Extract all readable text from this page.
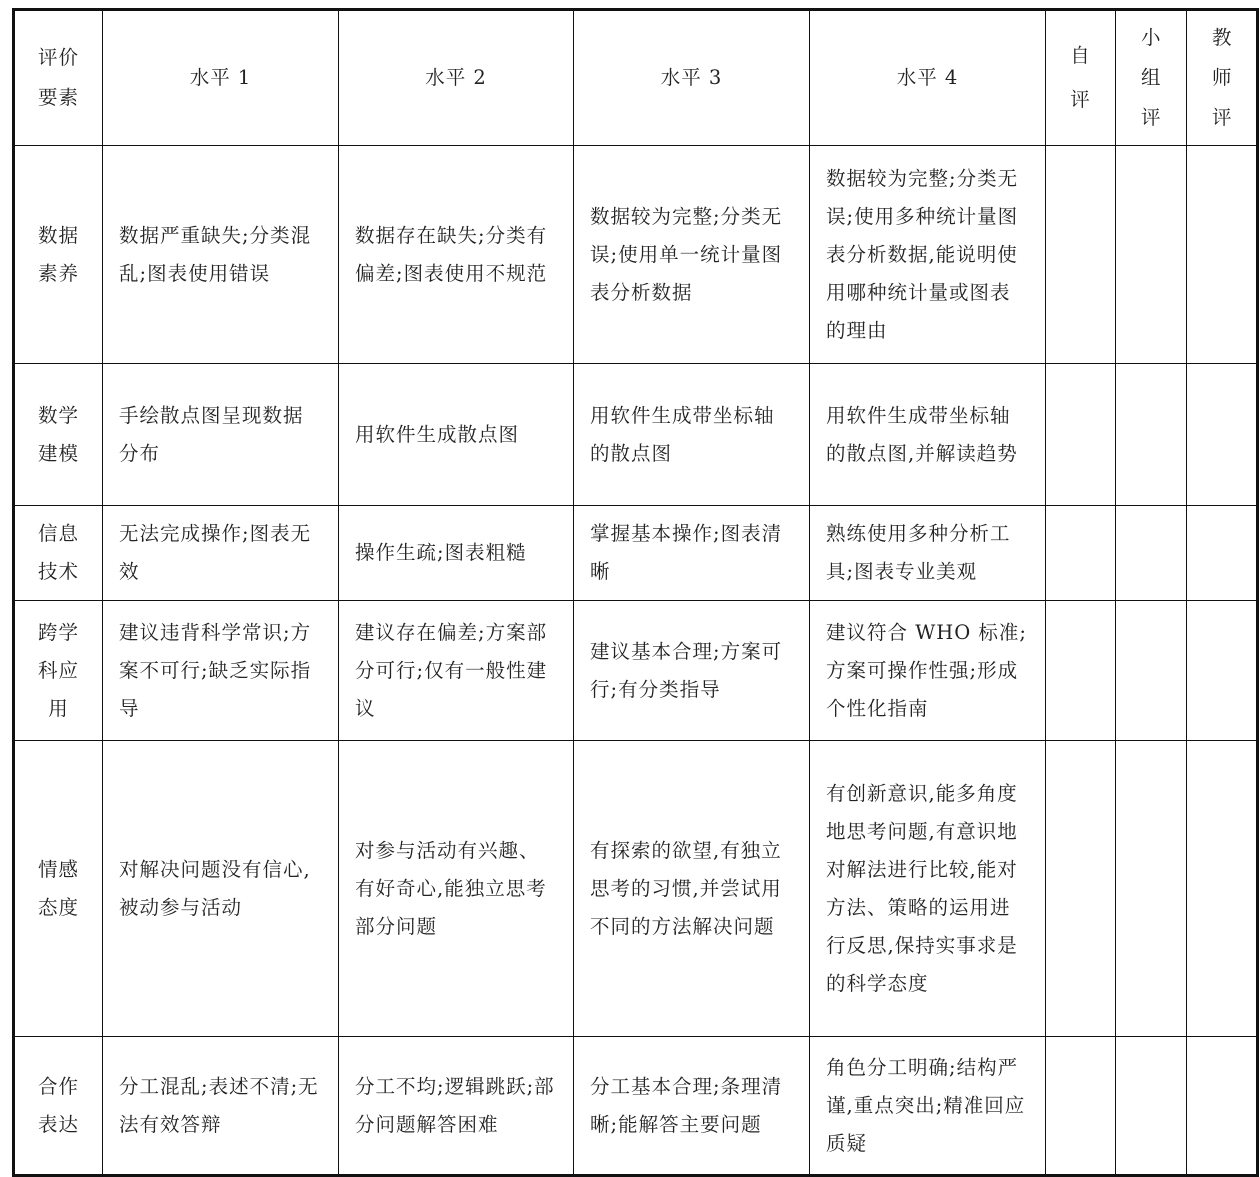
评价要素	水平 1	水平 2	水平 3	水平 4	自评	小组评	教师评
数据素养	数据严重缺失;分类混乱;图表使用错误	数据存在缺失;分类有偏差;图表使用不规范	数据较为完整;分类无误;使用单一统计量图表分析数据	数据较为完整;分类无误;使用多种统计量图表分析数据,能说明使用哪种统计量或图表的理由			
数学建模	手绘散点图呈现数据分布	用软件生成散点图	用软件生成带坐标轴的散点图	用软件生成带坐标轴的散点图,并解读趋势			
信息技术	无法完成操作;图表无效	操作生疏;图表粗糙	掌握基本操作;图表清晰	熟练使用多种分析工具;图表专业美观			
跨学科应用	建议违背科学常识;方案不可行;缺乏实际指导	建议存在偏差;方案部分可行;仅有一般性建议	建议基本合理;方案可行;有分类指导	建议符合 WHO 标准;方案可操作性强;形成个性化指南			
情感态度	对解决问题没有信心,被动参与活动	对参与活动有兴趣、有好奇心,能独立思考部分问题	有探索的欲望,有独立思考的习惯,并尝试用不同的方法解决问题	有创新意识,能多角度地思考问题,有意识地对解法进行比较,能对方法、策略的运用进行反思,保持实事求是的科学态度			
合作表达	分工混乱;表述不清;无法有效答辩	分工不均;逻辑跳跃;部分问题解答困难	分工基本合理;条理清晰;能解答主要问题	角色分工明确;结构严谨,重点突出;精准回应质疑			
